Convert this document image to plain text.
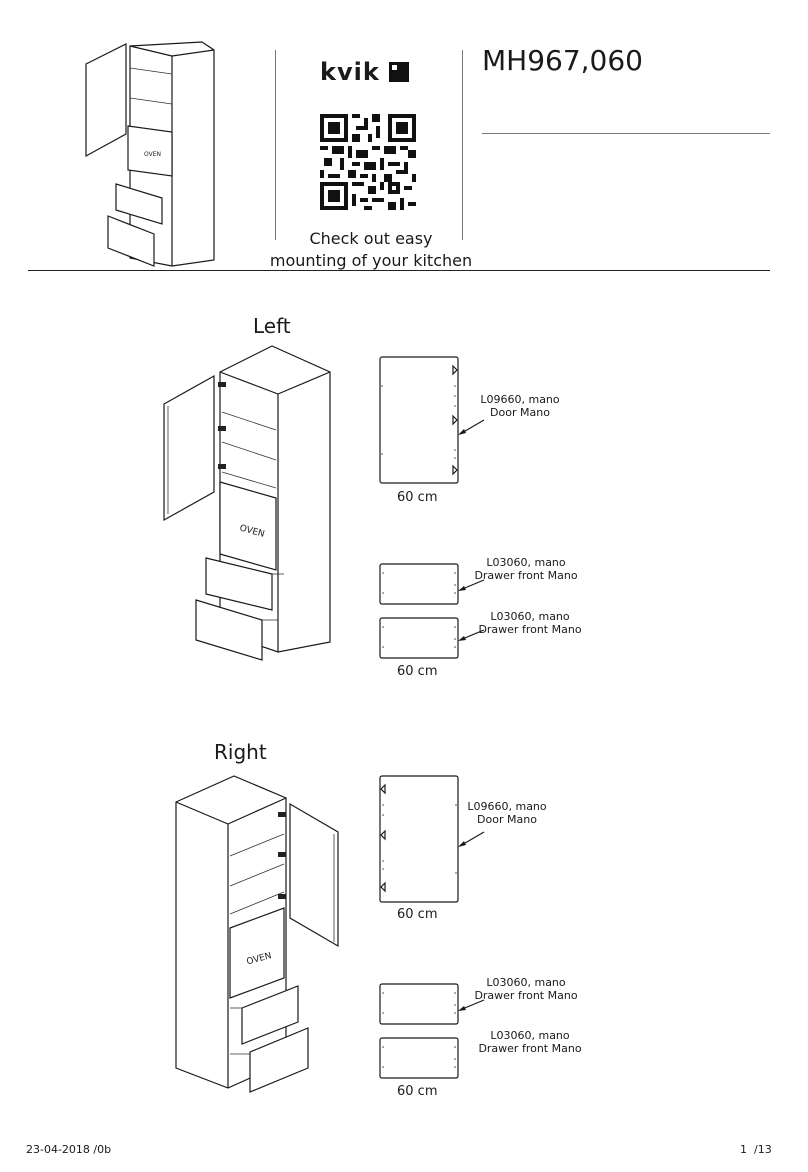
OVEN
kvik
Check out easy
mounting of your kitchen
MH967,060
Left
OVEN
L09660, mano
Door Mano
60 cm
L03060, mano
Drawer front Mano
L03060, mano
Drawer front Mano
60 cm
Right
OVEN
L09660, mano
Door Mano
60 cm
L03060, mano
Drawer front Mano
L03060, mano
Drawer front Mano
60 cm
23-04-2018 /0b	1  /13
